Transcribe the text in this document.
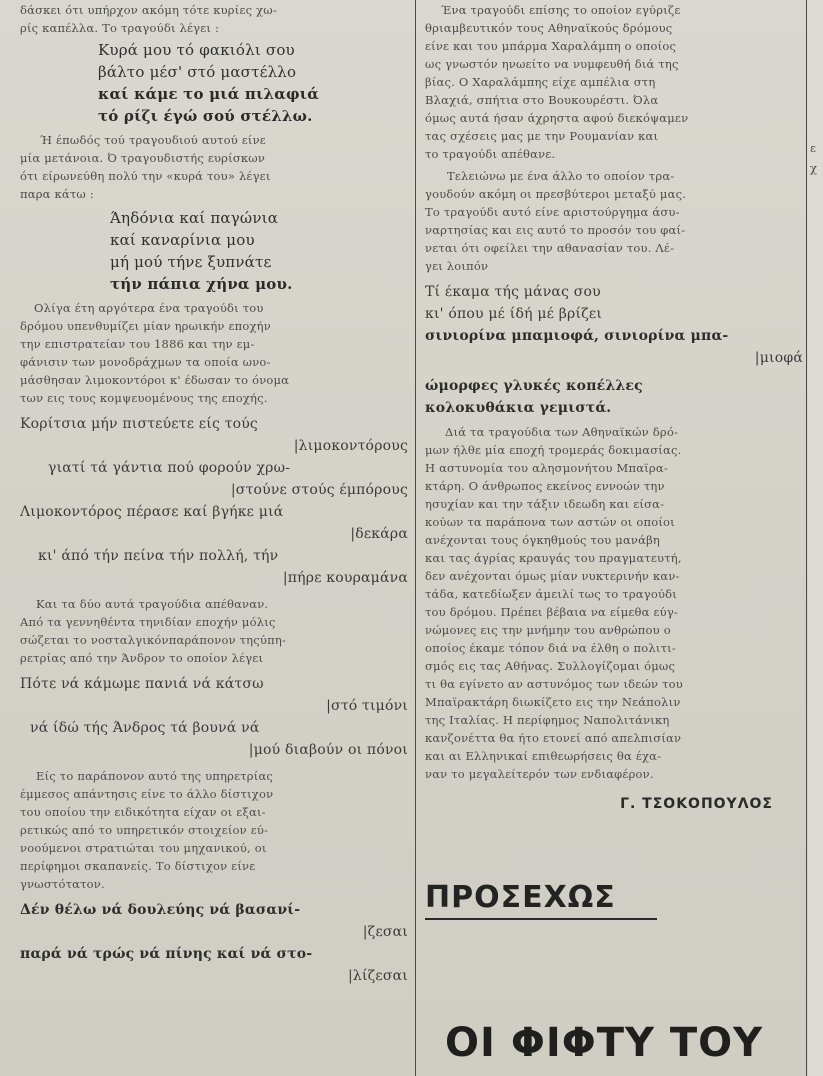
δάσκει ότι υπήρχον ακόμη τότε κυρίες χω-
ρίς καπέλλα. Το τραγούδι λέγει :
Κυρά μου τό φακιόλι σου
βάλτο μέσ' στό μαστέλλο
καί κάμε το μιά πιλαφιά
τό ρίζι έγώ σού στέλλω.
Ή έπωδός τού τραγουδιού αυτού είνε
μία μετάνοια. Ό τραγουδιστής ευρίσκων
ότι είρωνεύθη πολύ την «κυρά του» λέγει
παρα κάτω :
Άηδόνια καί παγώνια
καί καναρίνια μου
μή μού τήνε ξυπνάτε
τήν πάπια χήνα μου.
Ολίγα έτη αργότερα ένα τραγούδι του
δρόμου υπενθυμίζει μίαν ηρωικήν εποχήν
την επιστρατείαν του 1886 και την εμ-
φάνισιν των μονοδράχμων τα οποία ωνο-
μάσθησαν λιμοκοντόροι κ' έδωσαν το όνομα
των εις τους κομψευομένους της εποχής.
Κορίτσια μήν πιστεύετε είς τούς
|λιμοκοντόρους
γιατί τά γάντια πού φορούν χρω-
|στούνε στούς έμπόρους
Λιμοκοντόρος πέρασε καί βγήκε μιά
|δεκάρα
κι' άπό τήν πείνα τήν πολλή, τήν
|πήρε κουραμάνα
Και τα δύο αυτά τραγούδια απέθαναν.
Από τα γεννηθέντα τηνιδίαν εποχήν μόλις
σώζεται το νοσταλγικόνπαράπονον τηςύπη-
ρετρίας από την Άνδρον το οποίον λέγει
Πότε νά κάμωμε πανιά νά κάτσω
|στό τιμόνι
νά ίδώ τής Άνδρος τά βουνά νά
|μού διαβούν οι πόνοι
Είς το παράπονον αυτό της υπηρετρίας
έμμεσος απάντησις είνε το άλλο δίστιχον
του οποίου την ειδικότητα είχαν οι εξαι-
ρετικώς από το υπηρετικόν στοιχείον εύ-
νοούμενοι στρατιώται του μηχανικού, οι
περίφημοι σκαπανείς. Το δίστιχον είνε
γνωστότατον.
Δέν θέλω νά δουλεύης νά βασανί-
|ζεσαι
παρά νά τρώς νά πίνης καί νά στο-
|λίζεσαι
Ένα τραγούδι επίσης το οποίον εγύριζε
θριαμβευτικόν τους Αθηναϊκούς δρόμους
είνε και του μπάρμα Χαραλάμπη ο οποίος
ως γνωστόν ηνωείτο να νυμφευθή διά της
βίας. Ο Χαραλάμπης είχε αμπέλια στη
Βλαχιά, σπήτια στο Βουκουρέστι. Όλα
όμως αυτά ήσαν άχρηστα αφού διεκόψαμεν
τας σχέσεις μας με την Ρουμανίαν και
το τραγούδι απέθανε.
Τελειώνω με ένα άλλο το οποίον τρα-
γουδούν ακόμη οι πρεσβύτεροι μεταξύ μας.
Το τραγούδι αυτό είνε αριστούργημα άσυ-
ναρτησίας και εις αυτό το προσόν του φαί-
νεται ότι οφείλει την αθανασίαν του. Λέ-
γει λοιπόν
Τί έκαμα τής μάνας σου
κι' όπου μέ ίδή μέ βρίζει
σινιορίνα μπαμιοφά, σινιορίνα μπα-
|μιοφά
ώμορφες γλυκές κοπέλλες
κολοκυθάκια γεμιστά.
Διά τα τραγούδια των Αθηναϊκών δρό-
μων ήλθε μία εποχή τρομεράς δοκιμασίας.
Η αστυνομία του αλησμονήτου Μπαϊρα-
κτάρη. Ο άνθρωπος εκείνος εννοών την
ησυχίαν και την τάξιν ιδεωδη και είσα-
κούων τα παράπονα των αστών οι οποίοι
ανέχονται τους όγκηθμούς του μανάβη
και τας άγρίας κραυγάς του πραγματευτή,
δεν ανέχονται όμως μίαν νυκτερινήν καν-
τάδα, κατεδίωξεν άμειλί τως το τραγούδι
του δρόμου. Πρέπει βέβαια να είμεθα εύγ-
νώμονες εις την μνήμην του ανθρώπου ο
οποίος έκαμε τόπον διά να έλθη ο πολιτι-
σμός εις τας Αθήνας. Συλλογίζομαι όμως
τι θα εγίνετο αν αστυνόμος των ιδεών του
Μπαϊρακτάρη διωκίζετο εις την Νεάπολιν
της Ιταλίας. Η περίφημος Ναπολιτάνικη
κανζονέττα θα ήτο ετονεί από απελπισίαν
και αι Ελληνικαί επιθεωρήσεις θα έχα-
ναν το μεγαλείτερόν των ενδιαφέρον.
Γ. ΤΣΟΚΟΠΟΥΛΟΣ
ΠΡΟΣΕΧΩΣ
ΟΙ ΦΙΦΤΥ ΤΟΥ
ε
χ
